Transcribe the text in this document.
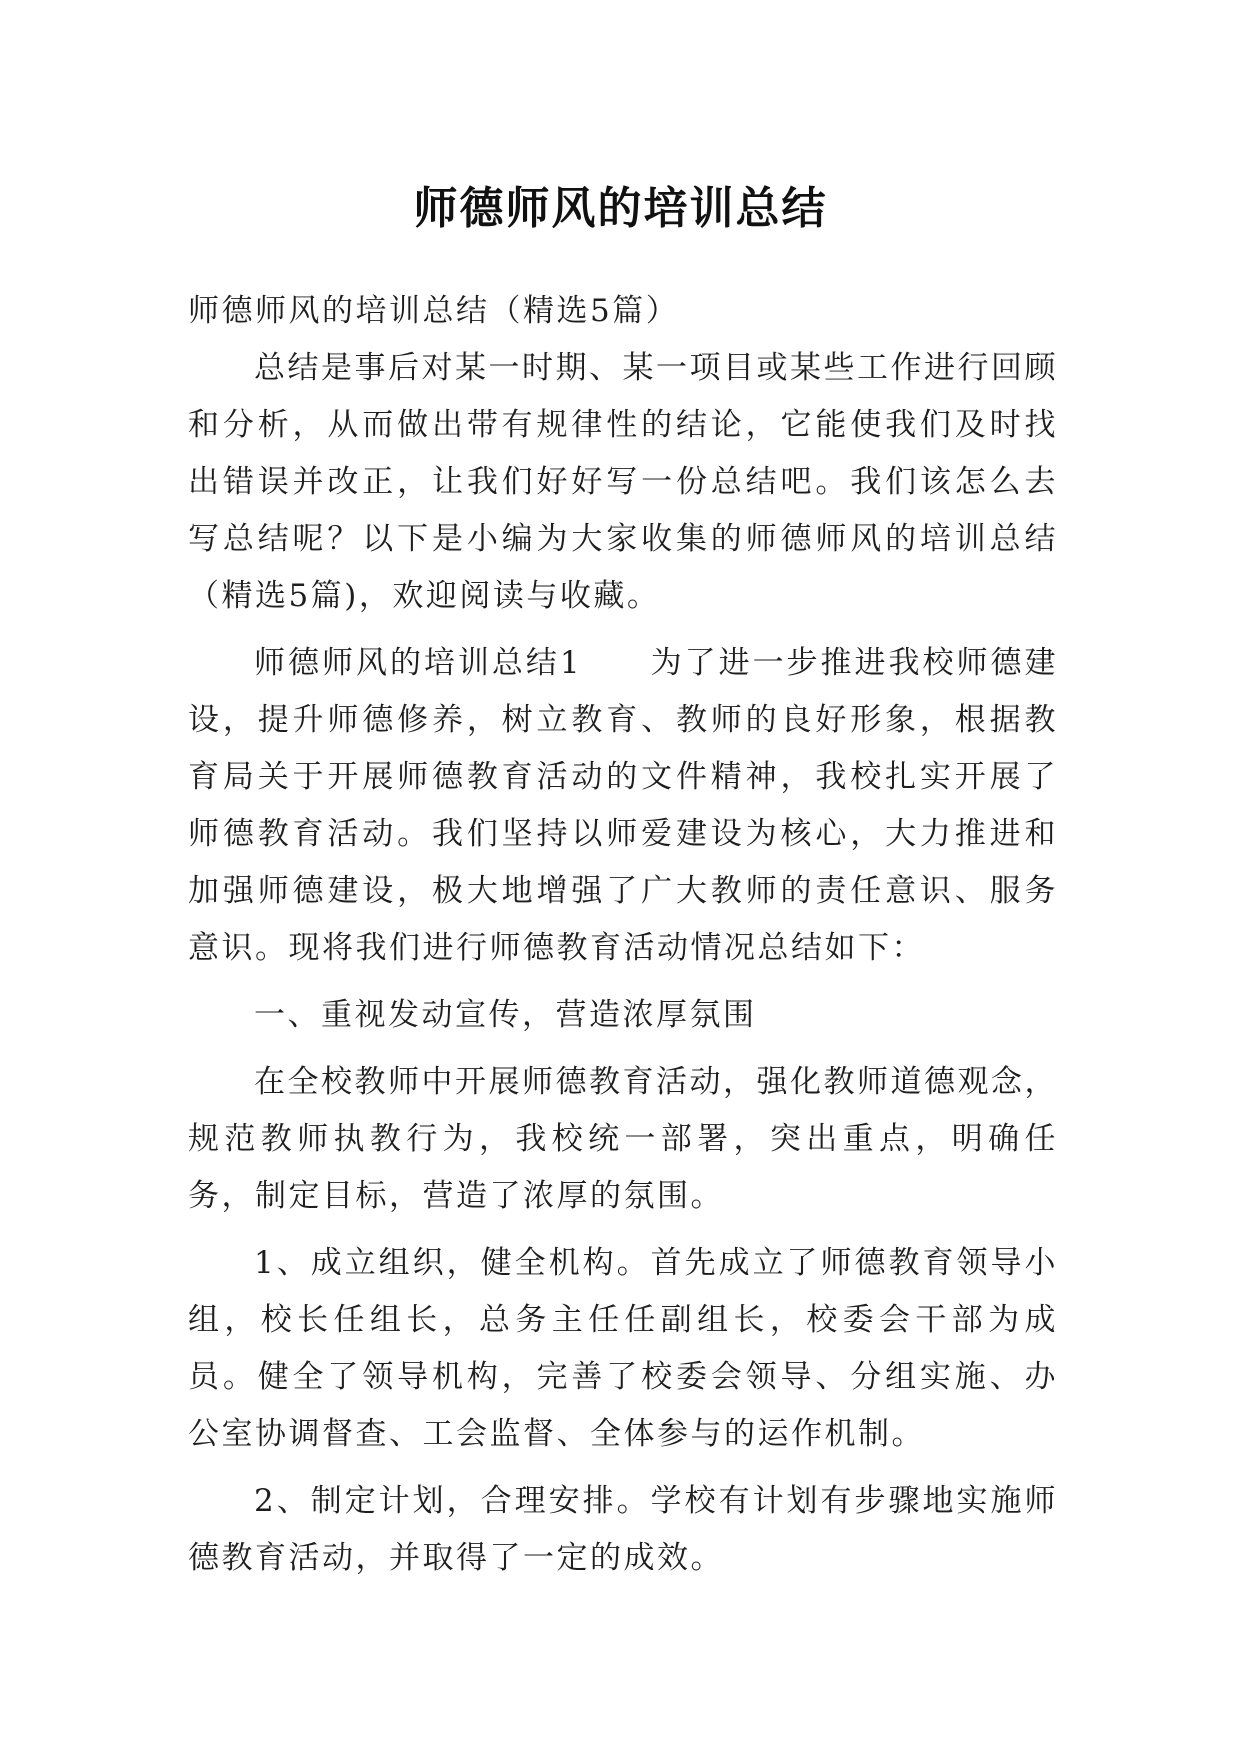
师德师风的培训总结

师德师风的培训总结（精选5篇）

总结是事后对某一时期、某一项目或某些工作进行回顾和分析，从而做出带有规律性的结论，它能使我们及时找出错误并改正，让我们好好写一份总结吧。我们该怎么去写总结呢？以下是小编为大家收集的师德师风的培训总结（精选5篇)，欢迎阅读与收藏。

师德师风的培训总结1　　为了进一步推进我校师德建设，提升师德修养，树立教育、教师的良好形象，根据教育局关于开展师德教育活动的文件精神，我校扎实开展了师德教育活动。我们坚持以师爱建设为核心，大力推进和加强师德建设，极大地增强了广大教师的责任意识、服务意识。现将我们进行师德教育活动情况总结如下：

一、重视发动宣传，营造浓厚氛围

在全校教师中开展师德教育活动，强化教师道德观念，规范教师执教行为，我校统一部署，突出重点，明确任务，制定目标，营造了浓厚的氛围。

1、成立组织，健全机构。首先成立了师德教育领导小组，校长任组长，总务主任任副组长，校委会干部为成员。健全了领导机构，完善了校委会领导、分组实施、办公室协调督查、工会监督、全体参与的运作机制。

2、制定计划，合理安排。学校有计划有步骤地实施师德教育活动，并取得了一定的成效。
